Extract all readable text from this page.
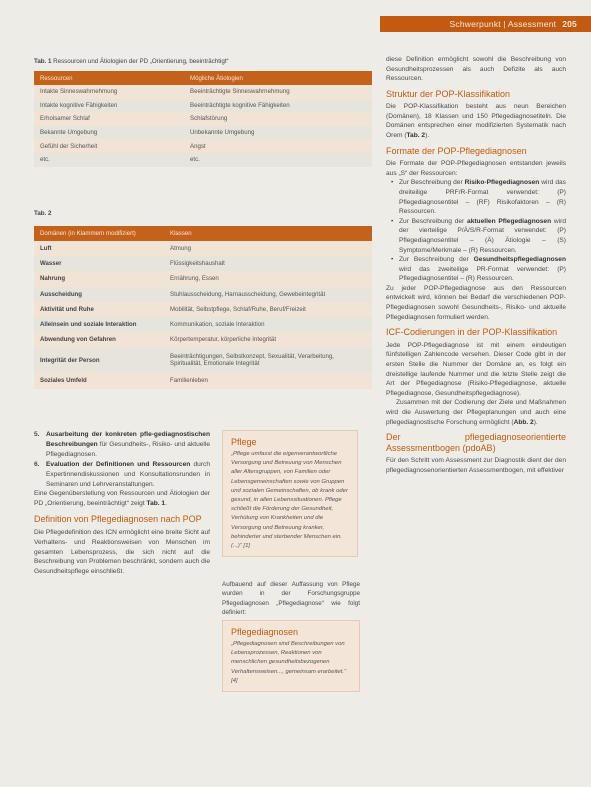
Schwerpunkt | Assessment 205
Tab. 1 Ressourcen und Ätiologien der PD „Orientierung, beeinträchtigt“
Ressourcen	Mögliche Ätiologien
Intakte Sinneswahrnehmung	Beeinträchtigte Sinneswahrnehmung
Intakte kognitive Fähigkeiten	Beeinträchtigte kognitive Fähigkeiten
Erholsamer Schlaf	Schlafstörung
Bekannte Umgebung	Unbekannte Umgebung
Gefühl der Sicherheit	Angst
etc.	etc.
Tab. 2
Domänen (in Klammern modifiziert)	Klassen
Luft	Atmung
Wasser	Flüssigkeitshaushalt
Nahrung	Ernährung, Essen
Ausscheidung	Stuhlausscheidung, Harnausscheidung, Gewebeintegrität
Aktivität und Ruhe	Mobilität, Selbstpflege, Schlaf/Ruhe, Beruf/Freizeit
Alleinsein und soziale Interaktion	Kommunikation, soziale Interaktion
Abwendung von Gefahren	Körpertemperatur, körperliche Integrität
Integrität der Person	Beeinträchtigungen, Selbstkonzept, Sexualität, Verarbeitung, Spiritualität, Emotionale Integrität
Soziales Umfeld	Familienleben
5. Ausarbeitung der konkreten pfle-gediagnostischen Beschreibungen für Gesundheits-, Risiko- und aktuelle Pflegediagnosen.
6. Evaluation der Definitionen und Ressourcen durch Expertinnendiskussionen und Konsultationsrunden in Seminaren und Lehrveranstaltungen.

Eine Gegenüberstellung von Ressourcen und Ätiologien der PD „Orientierung, beeinträchtigt“ zeigt Tab. 1.

Definition von Pflegediagnosen nach POP

Die Pflegedefinition des ICN ermöglicht eine breite Sicht auf Verhaltens- und Reaktionsweisen von Menschen im gesamten Lebensprozess, die sich nicht auf die Beschreibung von Problemen beschränkt, sondern auch die Gesundheitspflege einschließt.

Pflege
„Pflege umfasst die eigenverantwortliche Versorgung und Betreuung von Menschen aller Altersgruppen, von Familien oder Lebensgemeinschaften sowie von Gruppen und sozialen Gemeinschaften, ob krank oder gesund, in allen Lebenssituationen. Pflege schließt die Förderung der Gesundheit, Verhütung von Krankheiten und die Versorgung und Betreuung kranker, behinderter und sterbender Menschen ein. (...)“ [1]
Aufbauend auf dieser Auffassung von Pflege wurden in der Forschungsgruppe Pflegediagnosen „Pflegediagnose“ wie folgt definiert:
Pflegediagnosen
„Pflegediagnosen sind Beschreibungen von Lebensprozessen, Reaktionen von menschlichen gesundheitsbezogenen Verhaltensweisen..., gemeinsam erarbeitet.“ [4]

diese Definition ermöglicht sowohl die Beschreibung von Gesundheitsprozessen als auch Defizite als auch Ressourcen.

Struktur der POP-Klassifikation

Die POP-Klassifikation besteht aus neun Bereichen (Domänen), 18 Klassen und 150 Pflegediagnosetiteln. Die Domänen entsprechen einer modifizierten Systematik nach Orem (Tab. 2).

Formate der POP-Pflegediagnosen

Die Formate der POP-Pflegediagnosen entstanden jeweils aus „S“ der Ressourcen:

• Zur Beschreibung der Risiko-Pflegediagnosen wird das dreiteilige PRF/R-Format verwendet: (P) Pflegediagnosentitel – (RF) Risikofaktoren – (R) Ressourcen.
• Zur Beschreibung der aktuellen Pflegediagnosen wird der vierteilige P/Ä/S/R-Format verwendet: (P) Pflegediagnosentitel – (Ä) Ätiologie – (S) Symptome/Merkmale – (R) Ressourcen.
• Zur Beschreibung der Gesundheitspflegediagnosen wird das zweiteilige PR-Format verwendet: (P) Pflegediagnosentitel – (R) Ressourcen.

Zu jeder POP-Pflegediagnose aus den Ressourcen entwickelt wird, können bei Bedarf die verschiedenen POP-Pflegediagnosen sowohl Gesundheits-, Risiko- und aktuelle Pflegediagnosen formuliert werden.

ICF-Codierungen in der POP-Klassifikation

Jede POP-Pflegediagnose ist mit einem eindeutigen fünfstelligen Zahlencode versehen. Dieser Code gibt in der ersten Stelle die Nummer der Domäne an, es folgt ein dreistellige laufende Nummer und die letzte Stelle zeigt die Art der Pflegediagnose (Risiko-Pflegediagnose, aktuelle Pflegediagnose, Gesundheitspflegediagnose).

Zusammen mit der Codierung der Ziele und Maßnahmen wird die Auswertung der Pflegeplanungen und auch eine pflegediagnostische Forschung ermöglicht (Abb. 2).

Der pflegediagnoseorientierte Assessmentbogen (pdoAB)

Für den Schritt vom Assessment zur Diagnostik dient der den pflegediagnosenorientierten Assessmentbogen, mit effektiver
